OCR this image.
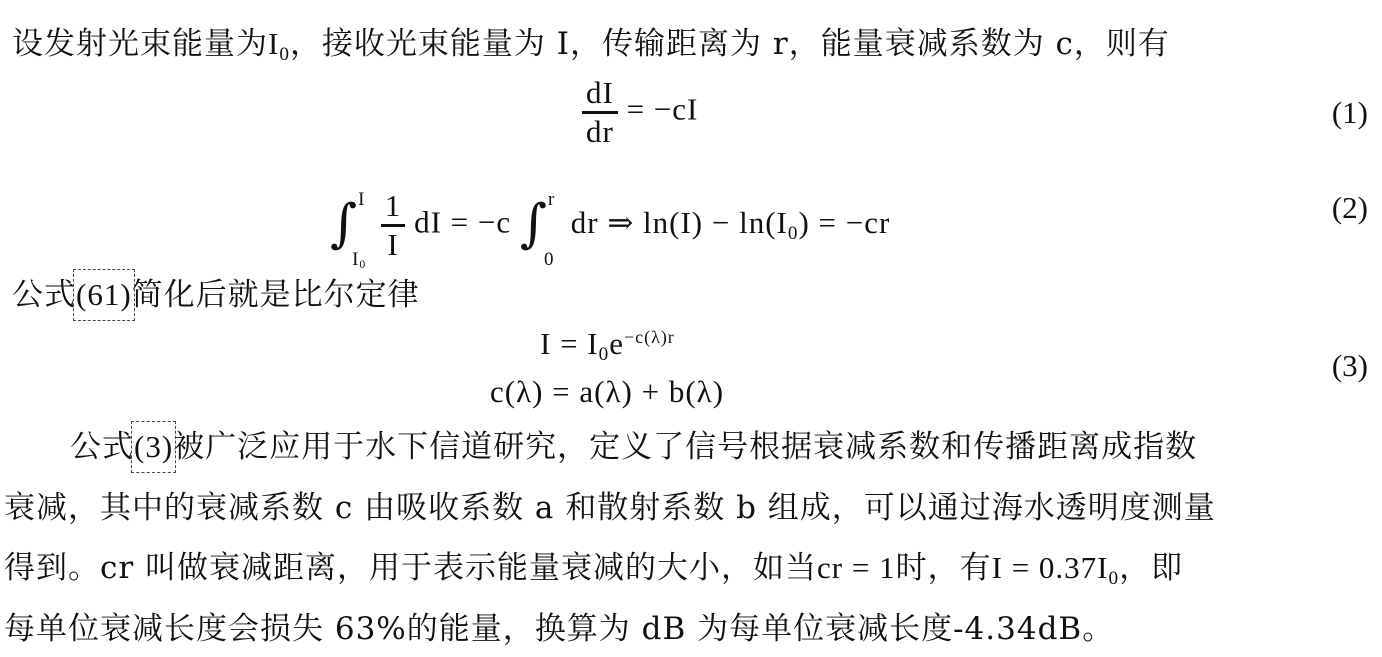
设发射光束能量为I0，接收光束能量为 I，传输距离为 r，能量衰减系数为 c，则有
$\frac{dI}{dr} = -cI$	(1)
∫ I
I0

$\frac{1}{I}$ dI = −c ∫ r
0
dr ⇒ ln(I) − ln(I0) = −cr	(2)
公式
(61)简化后就是比尔定律
$I = I0e^{-c(\lambda)r}$
c(λ) = a(λ) + b(λ)
(3)
公式
(3)被广泛应用于水下信道研究，定义了信号根据衰减系数和传播距离成指数
衰减，其中的衰减系数 c 由吸收系数 a 和散射系数 b 组成，可以通过海水透明度测量
得到。cr 叫做衰减距离，用于表示能量衰减的大小，如当cr = 1时，有I = 0.37I0，即
每单位衰减长度会损失 63%的能量，换算为 dB 为每单位衰减长度-4.34dB。
